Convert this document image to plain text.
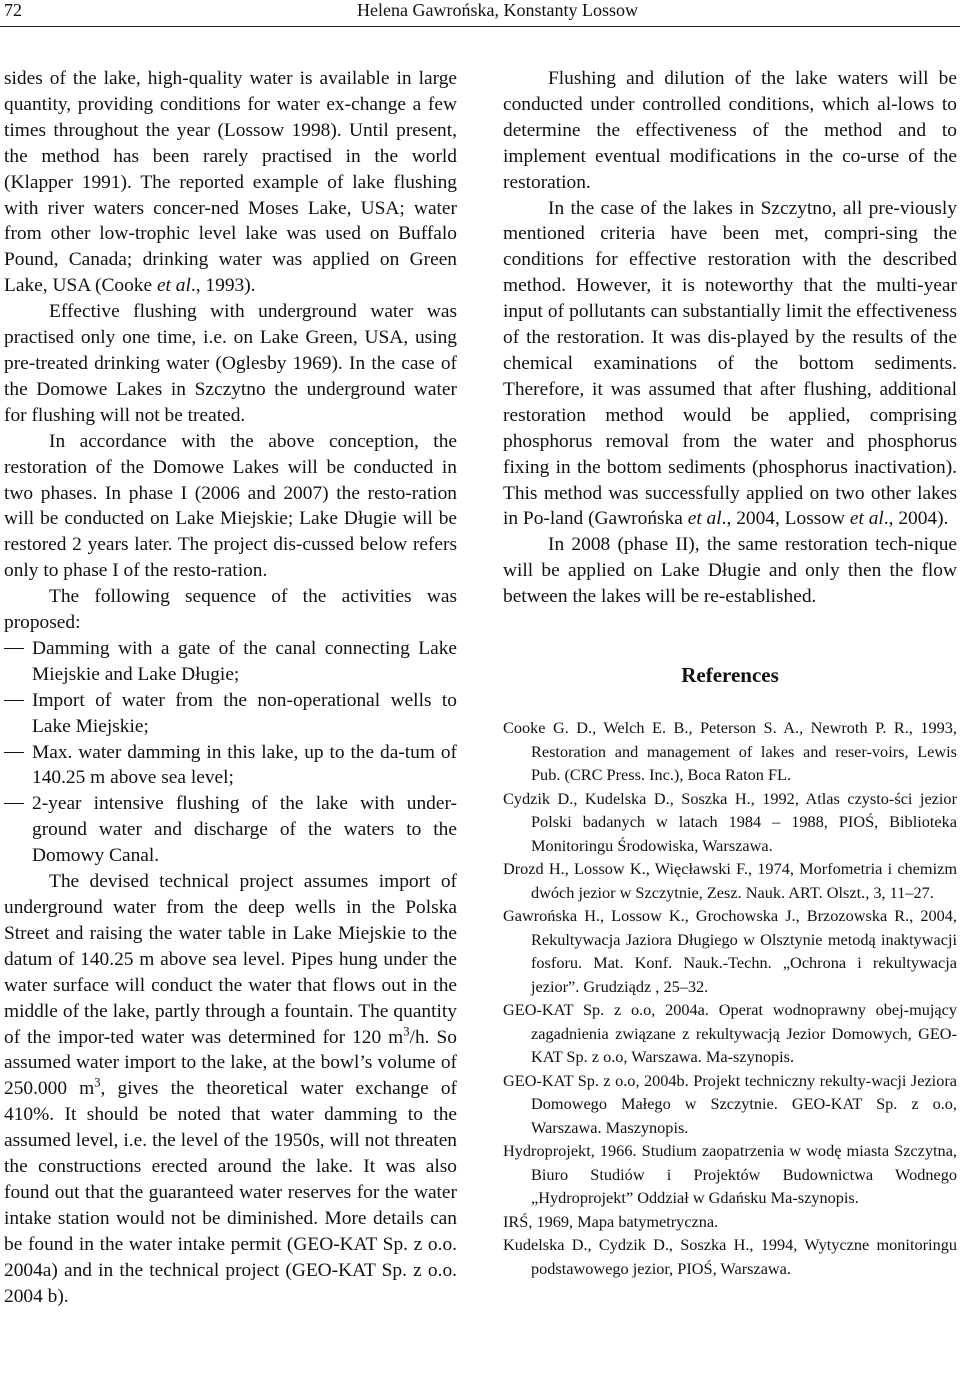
72	Helena Gawrońska, Konstanty Lossow

sides of the lake, high-quality water is available in large quantity, providing conditions for water ex-change a few times throughout the year (Lossow 1998). Until present, the method has been rarely practised in the world (Klapper 1991). The reported example of lake flushing with river waters concer-ned Moses Lake, USA; water from other low-trophic level lake was used on Buffalo Pound, Canada; drinking water was applied on Green Lake, USA (Cooke et al., 1993).

Effective flushing with underground water was practised only one time, i.e. on Lake Green, USA, using pre-treated drinking water (Oglesby 1969). In the case of the Domowe Lakes in Szczytno the underground water for flushing will not be treated.

In accordance with the above conception, the restoration of the Domowe Lakes will be conducted in two phases. In phase I (2006 and 2007) the resto-ration will be conducted on Lake Miejskie; Lake Długie will be restored 2 years later. The project dis-cussed below refers only to phase I of the resto-ration.

The following sequence of the activities was proposed:

Damming with a gate of the canal connecting Lake Miejskie and Lake Długie;

Import of water from the non-operational wells to Lake Miejskie;

Max. water damming in this lake, up to the da-tum of 140.25 m above sea level;

2-year intensive flushing of the lake with under-ground water and discharge of the waters to the Domowy Canal.

The devised technical project assumes import of underground water from the deep wells in the Polska Street and raising the water table in Lake Miejskie to the datum of 140.25 m above sea level. Pipes hung under the water surface will conduct the water that flows out in the middle of the lake, partly through a fountain. The quantity of the impor-ted water was determined for 120 $m^3/h$. So assumed water import to the lake, at the bowl’s volume of 250.000 $m^3$, gives the theoretical water exchange of 410%. It should be noted that water damming to the assumed level, i.e. the level of the 1950s, will not threaten the constructions erected around the lake. It was also found out that the guaranteed water reserves for the water intake station would not be diminished. More details can be found in the water intake permit (GEO-KAT Sp. z o.o. 2004a) and in the technical project (GEO-KAT Sp. z o.o. 2004 b).

Flushing and dilution of the lake waters will be conducted under controlled conditions, which al-lows to determine the effectiveness of the method and to implement eventual modifications in the co-urse of the restoration.

In the case of the lakes in Szczytno, all pre-viously mentioned criteria have been met, compri-sing the conditions for effective restoration with the described method. However, it is noteworthy that the multi-year input of pollutants can substantially limit the effectiveness of the restoration. It was dis-played by the results of the chemical examinations of the bottom sediments. Therefore, it was assumed that after flushing, additional restoration method would be applied, comprising phosphorus removal from the water and phosphorus fixing in the bottom sediments (phosphorus inactivation). This method was successfully applied on two other lakes in Po-land (Gawrońska et al., 2004, Lossow et al., 2004).

In 2008 (phase II), the same restoration tech-nique will be applied on Lake Długie and only then the flow between the lakes will be re-established.

References

Cooke G. D., Welch E. B., Peterson S. A., Newroth P. R., 1993, Restoration and management of lakes and reser-voirs, Lewis Pub. (CRC Press. Inc.), Boca Raton FL.

Cydzik D., Kudelska D., Soszka H., 1992, Atlas czysto-ści jezior Polski badanych w latach 1984 – 1988, PIOŚ, Biblioteka Monitoringu Środowiska, Warszawa.

Drozd H., Lossow K., Więcławski F., 1974, Morfometria i chemizm dwóch jezior w Szczytnie, Zesz. Nauk. ART. Olszt., 3, 11–27.

Gawrońska H., Lossow K., Grochowska J., Brzozowska R., 2004, Rekultywacja Jaziora Długiego w Olsztynie metodą inaktywacji fosforu. Mat. Konf. Nauk.-Techn. „Ochrona i rekultywacja jezior”. Grudziądz , 25–32.

GEO-KAT Sp. z o.o, 2004a. Operat wodnoprawny obej-mujący zagadnienia związane z rekultywacją Jezior Domowych, GEO-KAT Sp. z o.o, Warszawa. Ma-szynopis.

GEO-KAT Sp. z o.o, 2004b. Projekt techniczny rekulty-wacji Jeziora Domowego Małego w Szczytnie. GEO-KAT Sp. z o.o, Warszawa. Maszynopis.

Hydroprojekt, 1966. Studium zaopatrzenia w wodę miasta Szczytna, Biuro Studiów i Projektów Budownictwa Wodnego „Hydroprojekt” Oddział w Gdańsku Ma-szynopis.

IRŚ, 1969, Mapa batymetryczna.

Kudelska D., Cydzik D., Soszka H., 1994, Wytyczne monitoringu podstawowego jezior, PIOŚ, Warszawa.
